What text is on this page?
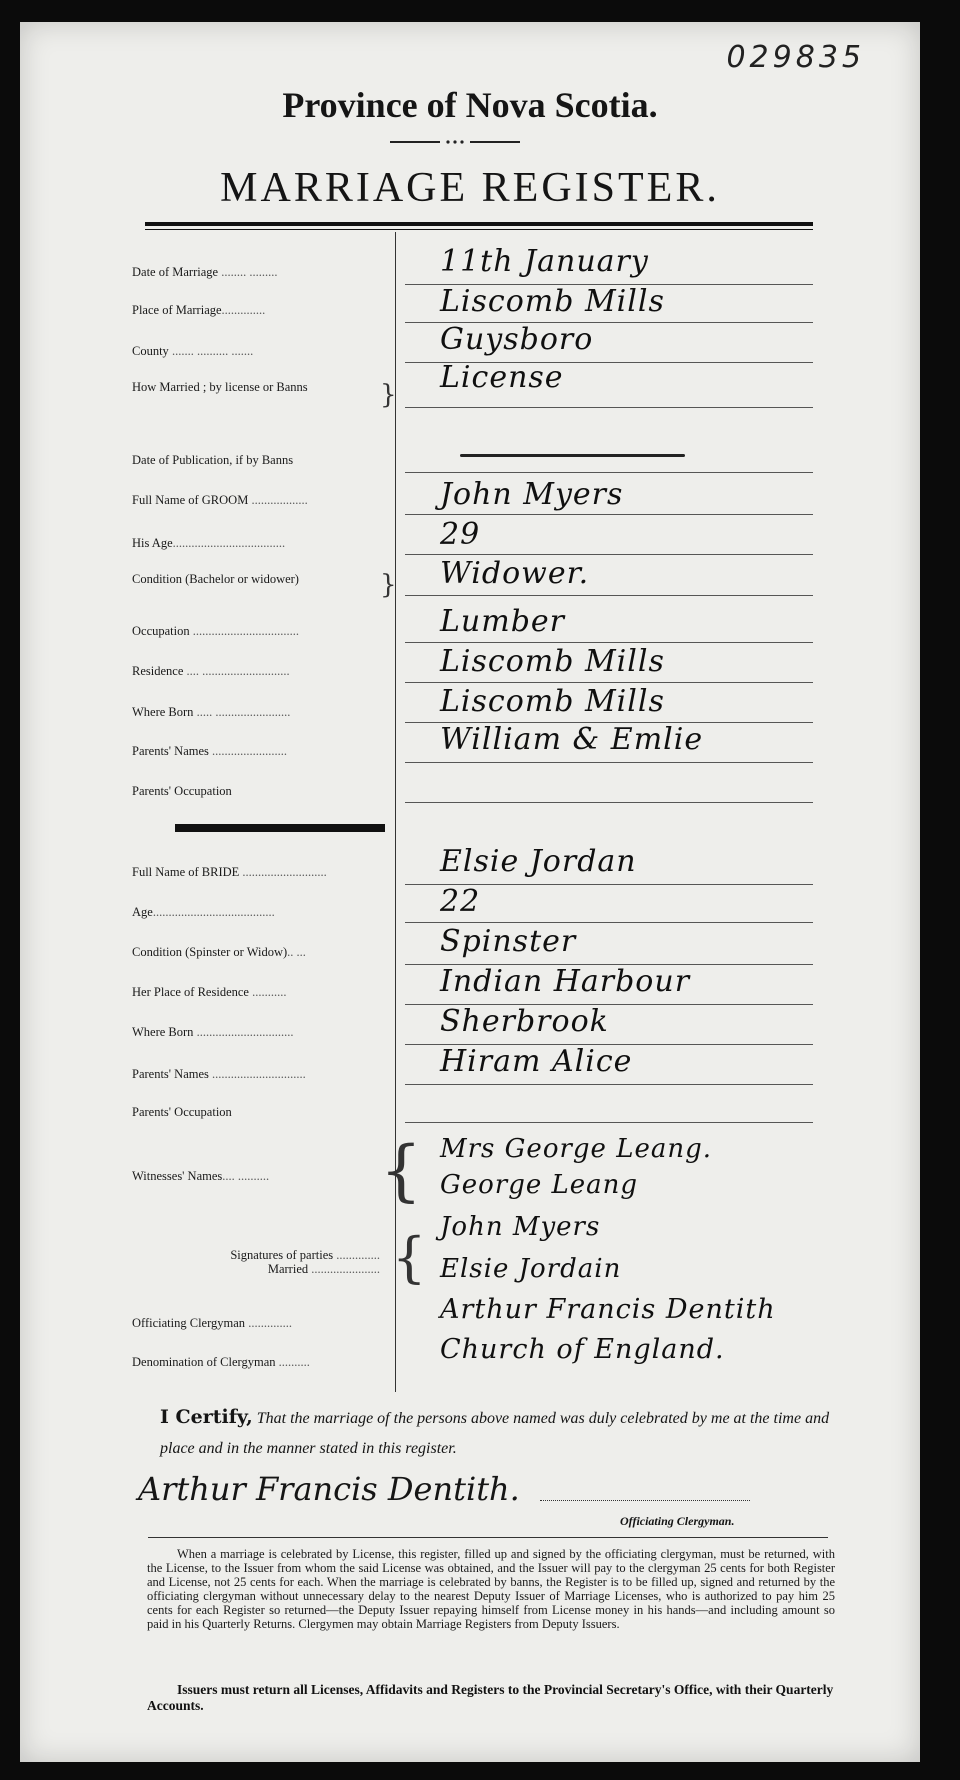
029835
Province of Nova Scotia.
MARRIAGE REGISTER.
Date of Marriage ........ .........	11th January
Place of Marriage..............	Liscomb Mills
County ....... .......... .......	Guysboro
How Married ; by license or Banns	} License
Date of Publication, if by Banns
Full Name of GROOM ..................	John Myers
His Age....................................	29
Condition (Bachelor or widower)	} Widower.
Occupation ..................................	Lumber
Residence .... ............................	Liscomb Mills
Where Born ..... ........................	Liscomb Mills
Parents' Names ........................	William & Emlie
Parents' Occupation
Full Name of BRIDE ...........................	Elsie Jordan
Age.......................................	22
Condition (Spinster or Widow).. ...	Spinster
Her Place of Residence ...........	Indian Harbour
Where Born ...............................	Sherbrook
Parents' Names ..............................	Hiram Alice
Parents' Occupation
Witnesses' Names.... ..........	{ Mrs George Leang.
George Leang
Signatures of parties ..............
Married ...................... { John Myers
Elsie Jordain
Officiating Clergyman ..............	Arthur Francis Dentith
Denomination of Clergyman ..........	Church of England.
I Certify, That the marriage of the persons above named was duly celebrated by me at the time and place and in the manner stated in this register.
Arthur Francis Dentith.
Officiating Clergyman.
When a marriage is celebrated by License, this register, filled up and signed by the officiating clergyman, must be returned, with the License, to the Issuer from whom the said License was obtained, and the Issuer will pay to the clergyman 25 cents for both Register and License, not 25 cents for each. When the marriage is celebrated by banns, the Register is to be filled up, signed and returned by the officiating clergyman without unnecessary delay to the nearest Deputy Issuer of Marriage Licenses, who is authorized to pay him 25 cents for each Register so returned—the Deputy Issuer repaying himself from License money in his hands—and including amount so paid in his Quarterly Returns. Clergymen may obtain Marriage Registers from Deputy Issuers.
Issuers must return all Licenses, Affidavits and Registers to the Provincial Secretary's Office, with their Quarterly Accounts.
